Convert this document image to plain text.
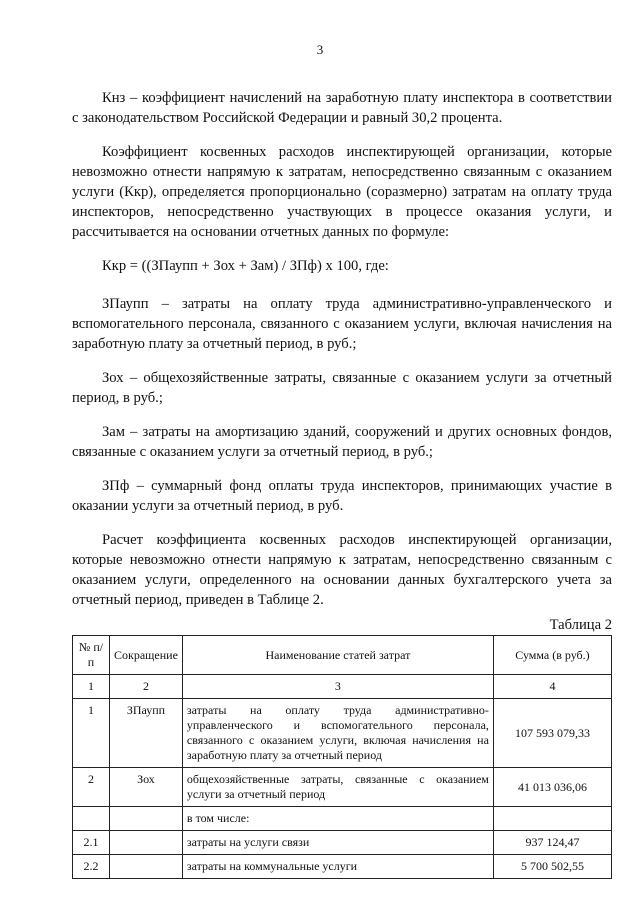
3

Кнз – коэффициент начислений на заработную плату инспектора в соответствии с законодательством Российской Федерации и равный 30,2 процента.

Коэффициент косвенных расходов инспектирующей организации, которые невозможно отнести напрямую к затратам, непосредственно связанным с оказанием услуги (Ккр), определяется пропорционально (соразмерно) затратам на оплату труда инспекторов, непосредственно участвующих в процессе оказания услуги, и рассчитывается на основании отчетных данных по формуле:

Ккр = ((ЗПаупп + Зох + Зам) / ЗПф) х 100, где:

ЗПаупп – затраты на оплату труда административно-управленческого и вспомогательного персонала, связанного с оказанием услуги, включая начисления на заработную плату за отчетный период, в руб.;

Зох – общехозяйственные затраты, связанные с оказанием услуги за отчетный период, в руб.;

Зам – затраты на амортизацию зданий, сооружений и других основных фондов, связанные с оказанием услуги за отчетный период, в руб.;

ЗПф – суммарный фонд оплаты труда инспекторов, принимающих участие в оказании услуги за отчетный период, в руб.

Расчет коэффициента косвенных расходов инспектирующей организации, которые невозможно отнести напрямую к затратам, непосредственно связанным с оказанием услуги, определенного на основании данных бухгалтерского учета за отчетный период, приведен в Таблице 2.

Таблица 2
№ п/п	Сокращение	Наименование статей затрат	Сумма (в руб.)
1	2	3	4
1	ЗПаупп	затраты на оплату труда административно-управленческого и вспомогательного персонала, связанного с оказанием услуги, включая начисления на заработную плату за отчетный период	107 593 079,33
2	Зох	общехозяйственные затраты, связанные с оказанием услуги за отчетный период	41 013 036,06
		в том числе:	
2.1		затраты на услуги связи	937 124,47
2.2		затраты на коммунальные услуги	5 700 502,55
